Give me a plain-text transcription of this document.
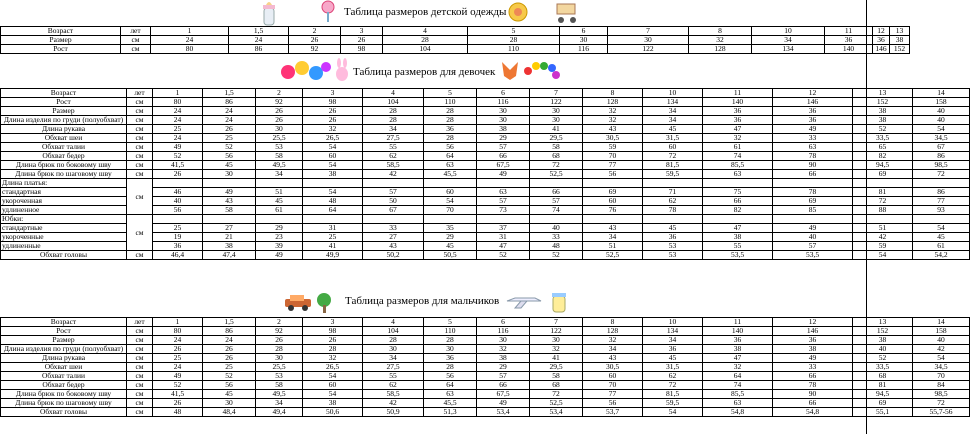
Таблица размеров детской одежды
Возраст	лет	1	1,5	2	3	4	5	6	7	8	10	11	12	13
Размер	см	24	24	26	26	28	28	30	30	32	34	36	36	38
Рост	см	80	86	92	98	104	110	116	122	128	134	140	146	152
Таблица размеров для девочек
Возраст	лет	1	1,5	2	3	4	5	6	7	8	10	11	12	13	14
Рост	см	80	86	92	98	104	110	116	122	128	134	140	146	152	158
Размер	см	24	24	26	26	28	28	30	30	32	34	36	36	38	40
Длина изделия по груди (полуобхват)	см	24	24	26	26	28	28	30	30	32	34	36	36	38	40
Длина рукава	см	25	26	30	32	34	36	38	41	43	45	47	49	52	54
Обхват шеи	см	24	25	25,5	26,5	27,5	28	29	29,5	30,5	31,5	32	33	33,5	34,5
Обхват талии	см	49	52	53	54	55	56	57	58	59	60	61	63	65	67
Обхват бедер	см	52	56	58	60	62	64	66	68	70	72	74	78	82	86
Длина брюк по боковому шву	см	41,5	45	49,5	54	58,5	63	67,5	72	77	81,5	85,5	90	94,5	98,5
Длина брюк по шаговому шву	см	26	30	34	38	42	45,5	49	52,5	56	59,5	63	66	69	72
Длина платья:	см														
стандартная		46	49	51	54	57	60	63	66	69	71	75	78	81	86
укороченная		40	43	45	48	50	54	57	57	60	62	66	69	72	77
удлиненное		56	58	61	64	67	70	73	74	76	78	82	85	88	93
Юбки:	см														
стандартные		25	27	29	31	33	35	37	40	43	45	47	49	51	54
укороченные		19	21	23	25	27	29	31	33	34	36	38	40	42	45
удлиненные		36	38	39	41	43	45	47	48	51	53	55	57	59	61
Обхват головы	см	46,4	47,4	49	49,9	50,2	50,5	52	52	52,5	53	53,5	53,5	54	54,2
Таблица размеров для мальчиков
Возраст	лет	1	1,5	2	3	4	5	6	7	8	10	11	12	13	14
Рост	см	80	86	92	98	104	110	116	122	128	134	140	146	152	158
Размер	см	24	24	26	26	28	28	30	30	32	34	36	36	38	40
Длина изделия по груди (полуобхват)	см	26	26	28	28	30	30	32	32	34	36	38	38	40	42
Длина рукава	см	25	26	30	32	34	36	38	41	43	45	47	49	52	54
Обхват шеи	см	24	25	25,5	26,5	27,5	28	29	29,5	30,5	31,5	32	33	33,5	34,5
Обхват талии	см	49	52	53	54	55	56	57	58	60	62	64	66	68	70
Обхват бедер	см	52	56	58	60	62	64	66	68	70	72	74	78	81	84
Длина брюк по боковому шву	см	41,5	45	49,5	54	58,5	63	67,5	72	77	81,5	85,5	90	94,5	98,5
Длина брюк по шаговому шву	см	26	30	34	38	42	45,5	49	52,5	56	59,5	63	66	69	72
Обхват головы	см	48	48,4	49,4	50,6	50,9	51,3	53,4	53,4	53,7	54	54,8	54,8	55,1	55,7-56
